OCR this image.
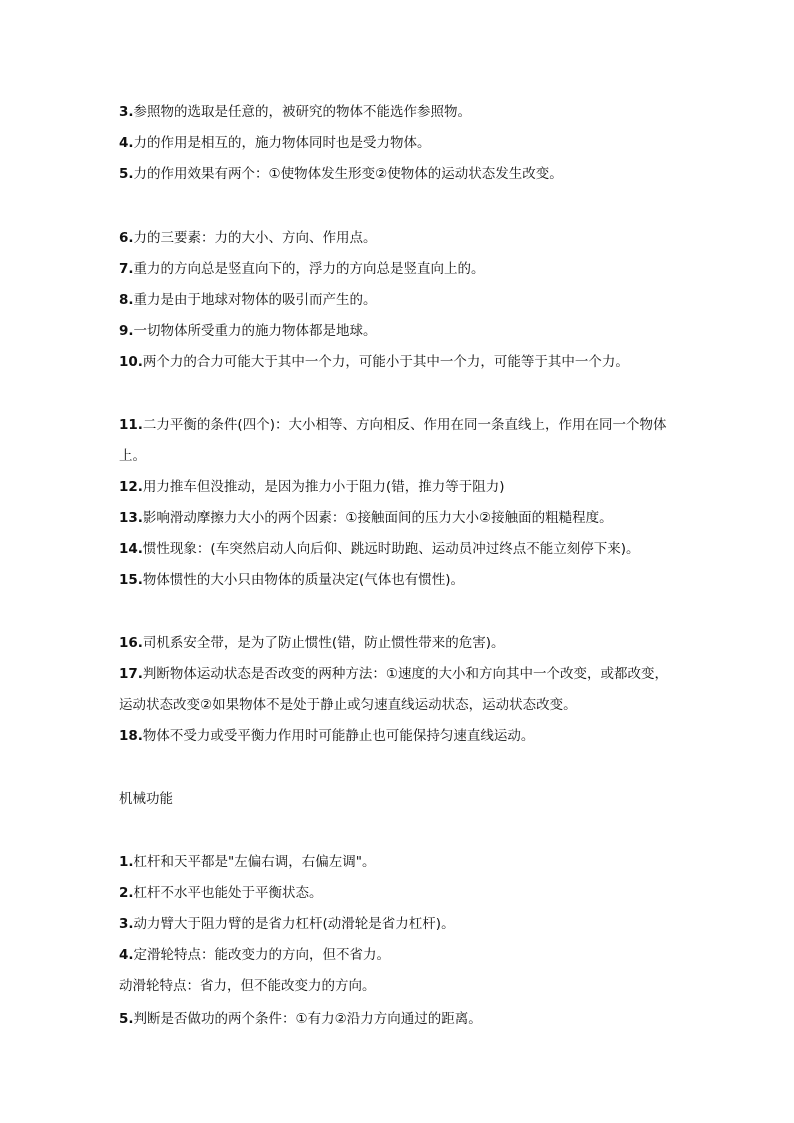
3.参照物的选取是任意的，被研究的物体不能选作参照物。
4.力的作用是相互的，施力物体同时也是受力物体。
5.力的作用效果有两个：①使物体发生形变②使物体的运动状态发生改变。
6.力的三要素：力的大小、方向、作用点。
7.重力的方向总是竖直向下的，浮力的方向总是竖直向上的。
8.重力是由于地球对物体的吸引而产生的。
9.一切物体所受重力的施力物体都是地球。
10.两个力的合力可能大于其中一个力，可能小于其中一个力，可能等于其中一个力。
11.二力平衡的条件(四个)：大小相等、方向相反、作用在同一条直线上，作用在同一个物体
上。
12.用力推车但没推动，是因为推力小于阻力(错，推力等于阻力)
13.影响滑动摩擦力大小的两个因素：①接触面间的压力大小②接触面的粗糙程度。
14.惯性现象：(车突然启动人向后仰、跳远时助跑、运动员冲过终点不能立刻停下来)。
15.物体惯性的大小只由物体的质量决定(气体也有惯性)。
16.司机系安全带，是为了防止惯性(错，防止惯性带来的危害)。
17.判断物体运动状态是否改变的两种方法：①速度的大小和方向其中一个改变，或都改变，
运动状态改变②如果物体不是处于静止或匀速直线运动状态，运动状态改变。
18.物体不受力或受平衡力作用时可能静止也可能保持匀速直线运动。
机械功能
1.杠杆和天平都是"左偏右调，右偏左调"。
2.杠杆不水平也能处于平衡状态。
3.动力臂大于阻力臂的是省力杠杆(动滑轮是省力杠杆)。
4.定滑轮特点：能改变力的方向，但不省力。
动滑轮特点：省力，但不能改变力的方向。
5.判断是否做功的两个条件：①有力②沿力方向通过的距离。
